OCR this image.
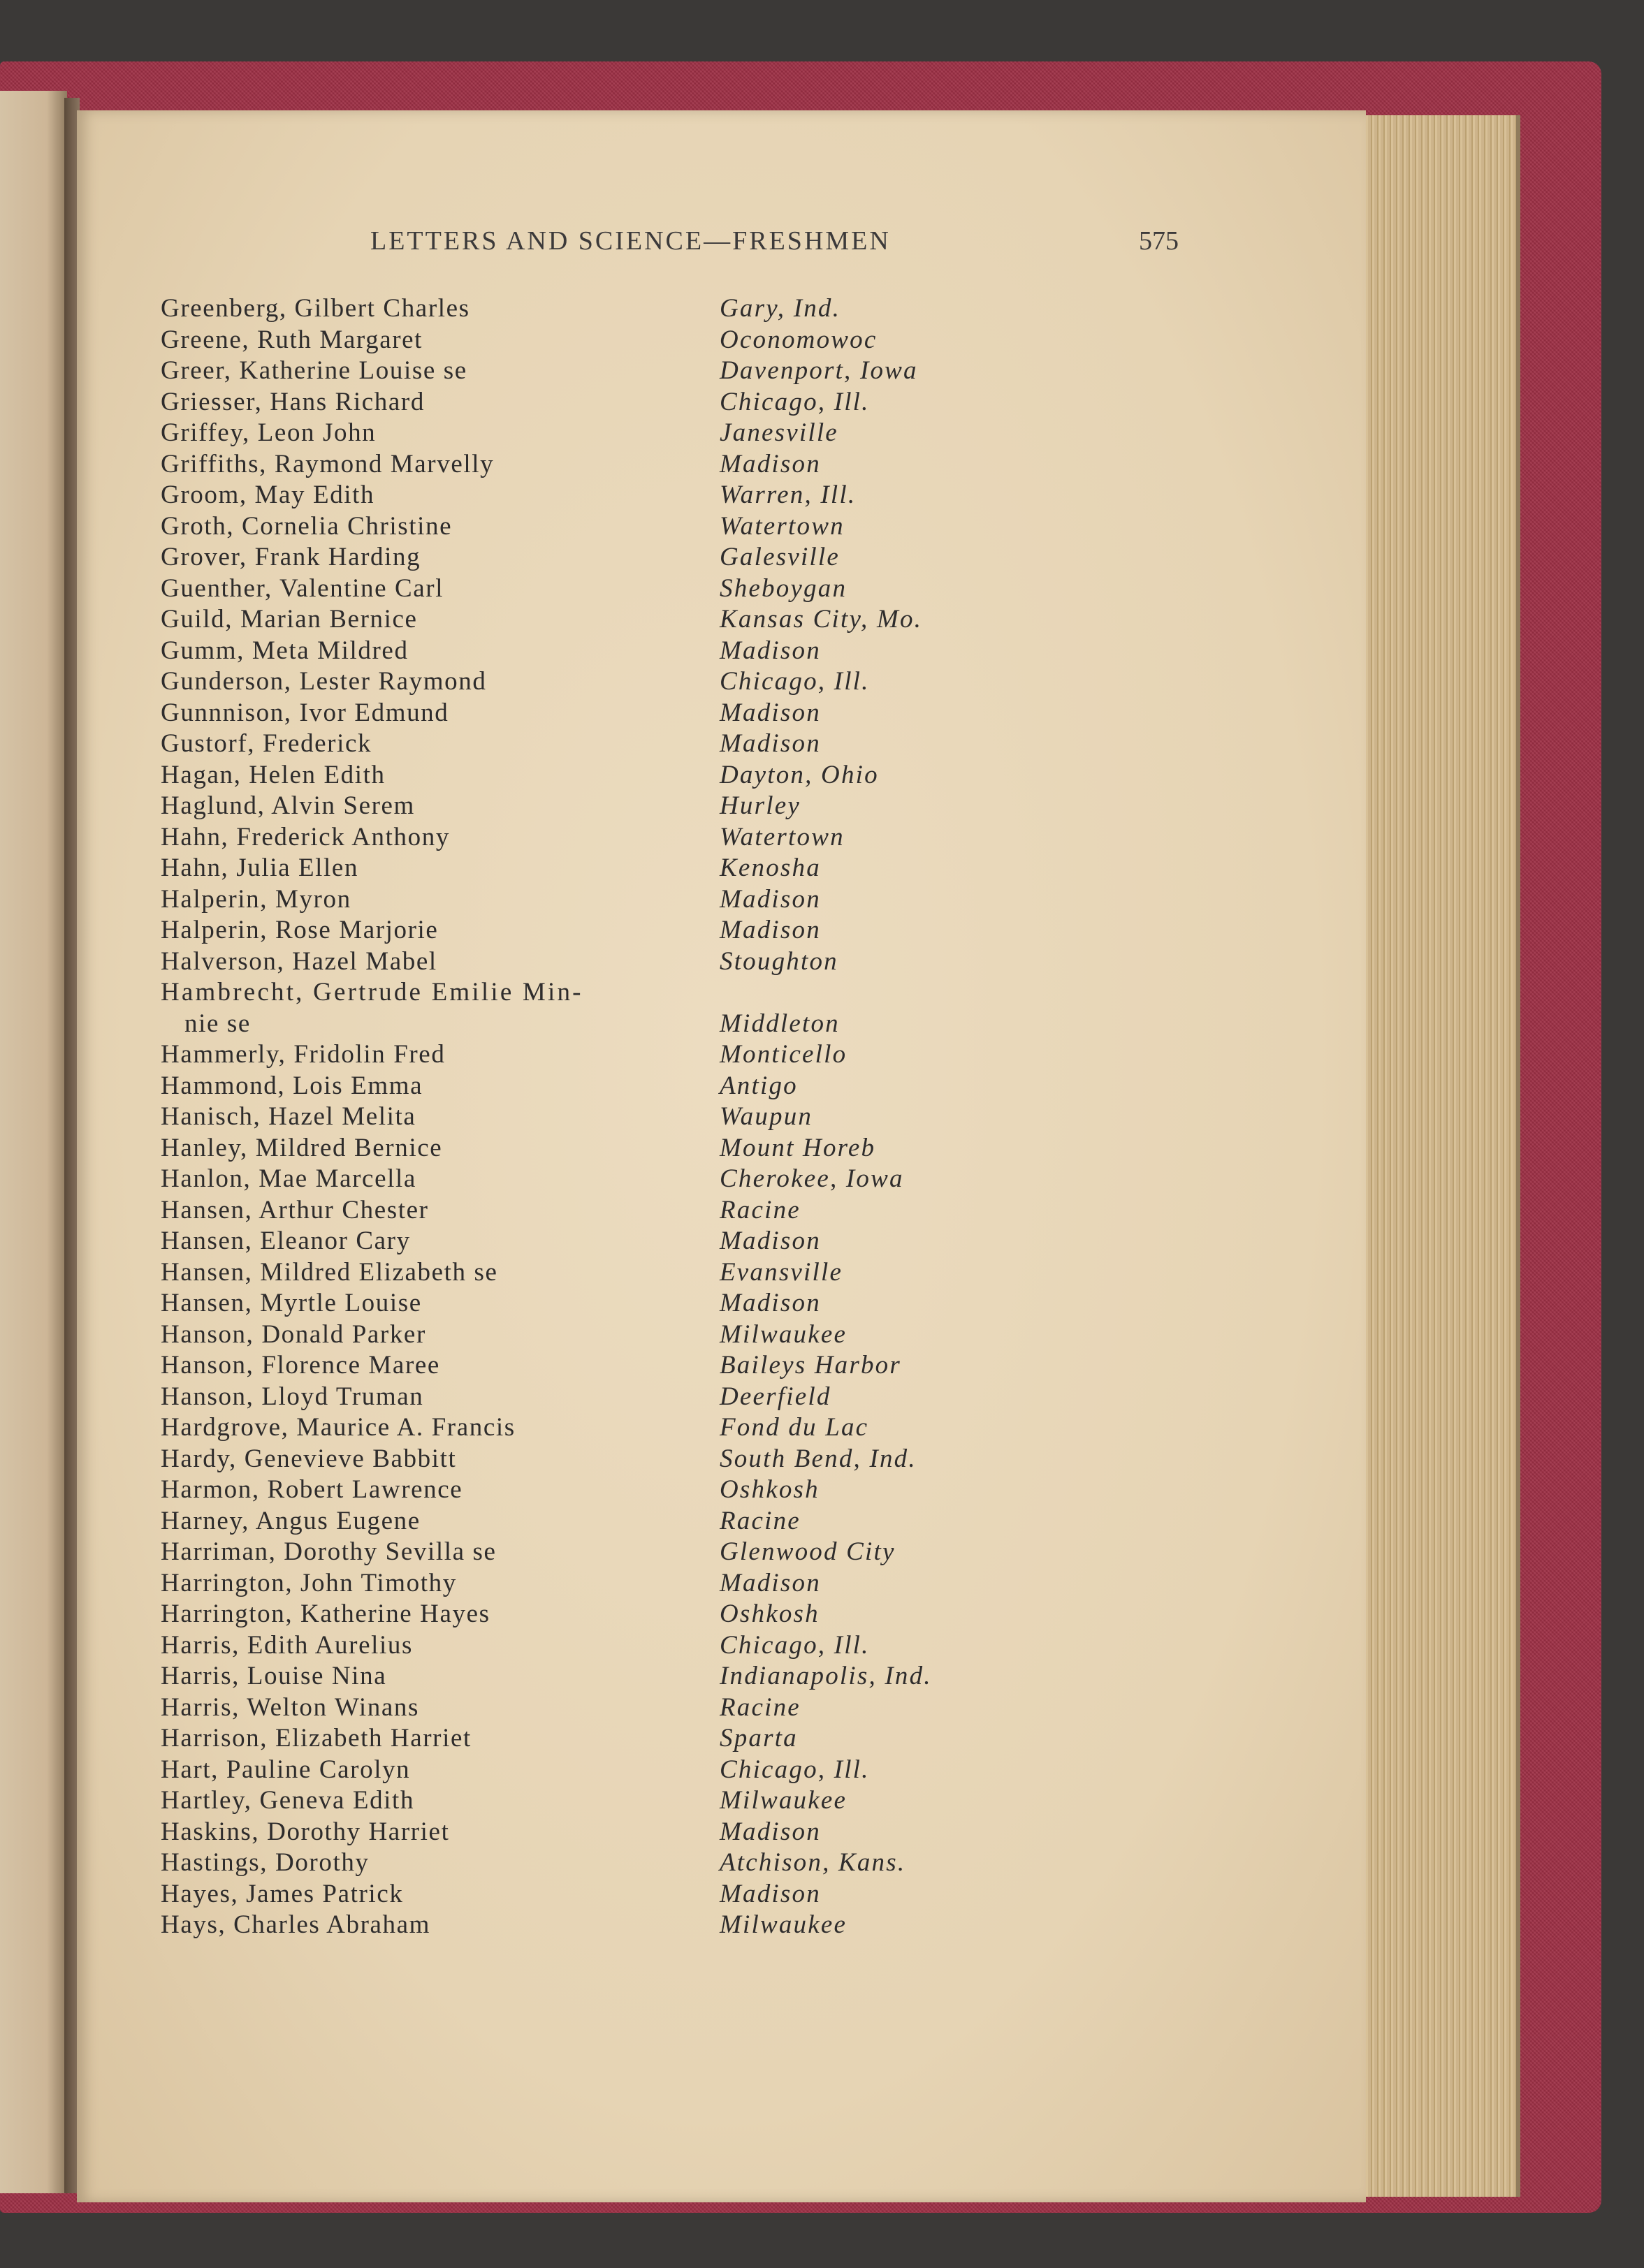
LETTERS AND SCIENCE—FRESHMEN	575
Greenberg, Gilbert Charles	Gary, Ind.
Greene, Ruth Margaret	Oconomowoc
Greer, Katherine Louise se	Davenport, Iowa
Griesser, Hans Richard	Chicago, Ill.
Griffey, Leon John	Janesville
Griffiths, Raymond Marvelly	Madison
Groom, May Edith	Warren, Ill.
Groth, Cornelia Christine	Watertown
Grover, Frank Harding	Galesville
Guenther, Valentine Carl	Sheboygan
Guild, Marian Bernice	Kansas City, Mo.
Gumm, Meta Mildred	Madison
Gunderson, Lester Raymond	Chicago, Ill.
Gunnnison, Ivor Edmund	Madison
Gustorf, Frederick	Madison
Hagan, Helen Edith	Dayton, Ohio
Haglund, Alvin Serem	Hurley
Hahn, Frederick Anthony	Watertown
Hahn, Julia Ellen	Kenosha
Halperin, Myron	Madison
Halperin, Rose Marjorie	Madison
Halverson, Hazel Mabel	Stoughton
Hambrecht, Gertrude Emilie Min-
nie se	Middleton
Hammerly, Fridolin Fred	Monticello
Hammond, Lois Emma	Antigo
Hanisch, Hazel Melita	Waupun
Hanley, Mildred Bernice	Mount Horeb
Hanlon, Mae Marcella	Cherokee, Iowa
Hansen, Arthur Chester	Racine
Hansen, Eleanor Cary	Madison
Hansen, Mildred Elizabeth se	Evansville
Hansen, Myrtle Louise	Madison
Hanson, Donald Parker	Milwaukee
Hanson, Florence Maree	Baileys Harbor
Hanson, Lloyd Truman	Deerfield
Hardgrove, Maurice A. Francis	Fond du Lac
Hardy, Genevieve Babbitt	South Bend, Ind.
Harmon, Robert Lawrence	Oshkosh
Harney, Angus Eugene	Racine
Harriman, Dorothy Sevilla se	Glenwood City
Harrington, John Timothy	Madison
Harrington, Katherine Hayes	Oshkosh
Harris, Edith Aurelius	Chicago, Ill.
Harris, Louise Nina	Indianapolis, Ind.
Harris, Welton Winans	Racine
Harrison, Elizabeth Harriet	Sparta
Hart, Pauline Carolyn	Chicago, Ill.
Hartley, Geneva Edith	Milwaukee
Haskins, Dorothy Harriet	Madison
Hastings, Dorothy	Atchison, Kans.
Hayes, James Patrick	Madison
Hays, Charles Abraham	Milwaukee
